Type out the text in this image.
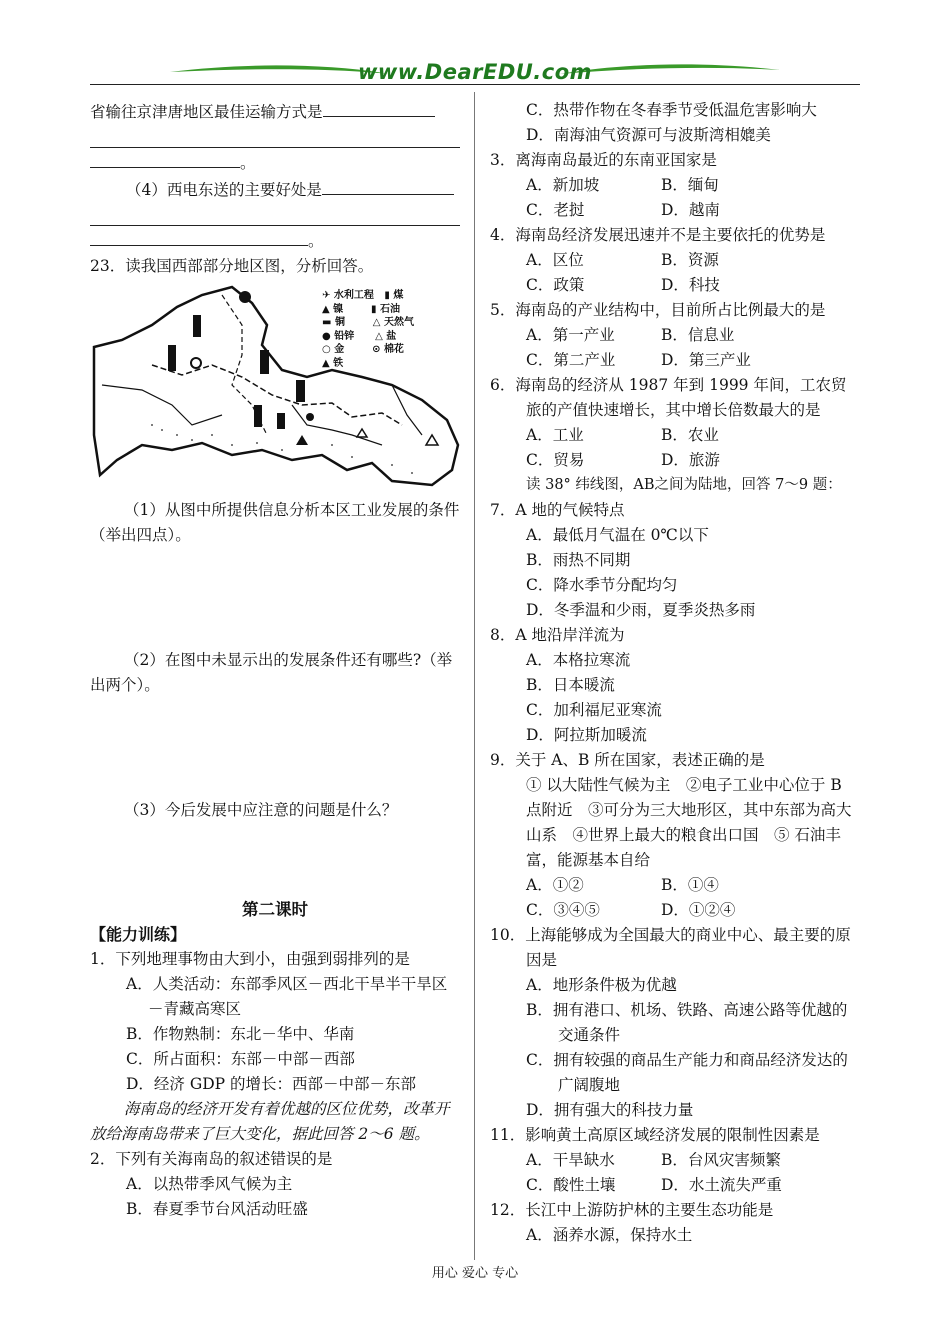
www.DearEDU.com

省输往京津唐地区最佳运输方式是

。

（4）西电东送的主要好处是

。

23．读我国西部部分地区图，分析回答。

✈ 水利工程   ▮ 煤
▲ 镍        ▮ 石油
▬ 铜        △ 天然气
● 铅锌      △ 盐
○ 金        ⊙ 棉花
▲ 铁

（1）从图中所提供信息分析本区工业发展的条件（举出四点）。

（2）在图中未显示出的发展条件还有哪些?（举出两个）。

（3）今后发展中应注意的问题是什么？

第二课时

【能力训练】

1．下列地理事物由大到小，由强到弱排列的是

A．人类活动：东部季风区－西北干旱半干旱区－青藏高寒区

B．作物熟制：东北－华中、华南

C．所占面积：东部－中部－西部

D．经济 GDP 的增长：西部－中部－东部

海南岛的经济开发有着优越的区位优势，改革开放给海南岛带来了巨大变化，据此回答 2～6 题。

2．下列有关海南岛的叙述错误的是

A．以热带季风气候为主

B．春夏季节台风活动旺盛

C．热带作物在冬春季节受低温危害影响大

D．南海油气资源可与波斯湾相媲美

3．离海南岛最近的东南亚国家是

A．新加坡	B．缅甸
C．老挝	D．越南

4．海南岛经济发展迅速并不是主要依托的优势是

A．区位	B．资源
C．政策	D．科技

5．海南岛的产业结构中，目前所占比例最大的是

A．第一产业	B．信息业
C．第二产业	D．第三产业

6．海南岛的经济从 1987 年到 1999 年间，工农贸旅的产值快速增长，其中增长倍数最大的是

A．工业	B．农业
C．贸易	D．旅游

读 38° 纬线图，AB之间为陆地，回答 7～9 题：

7．A 地的气候特点

A．最低月气温在 0℃以下

B．雨热不同期

C．降水季节分配均匀

D．冬季温和少雨，夏季炎热多雨

8．A 地沿岸洋流为

A．本格拉寒流

B．日本暖流

C．加利福尼亚寒流

D．阿拉斯加暖流

9．关于 A、B 所在国家，表述正确的是

① 以大陆性气候为主　②电子工业中心位于 B 点附近　③可分为三大地形区，其中东部为高大山系　④世界上最大的粮食出口国　⑤ 石油丰富，能源基本自给

A．①②	B．①④
C．③④⑤	D．①②④

10．上海能够成为全国最大的商业中心、最主要的原因是

A．地形条件极为优越

B．拥有港口、机场、铁路、高速公路等优越的交通条件

C．拥有较强的商品生产能力和商品经济发达的广阔腹地

D．拥有强大的科技力量

11．影响黄土高原区域经济发展的限制性因素是

A．干旱缺水	B．台风灾害频繁
C．酸性土壤	D．水土流失严重

12．长江中上游防护林的主要生态功能是

A．涵养水源，保持水土

用心 爱心 专心
